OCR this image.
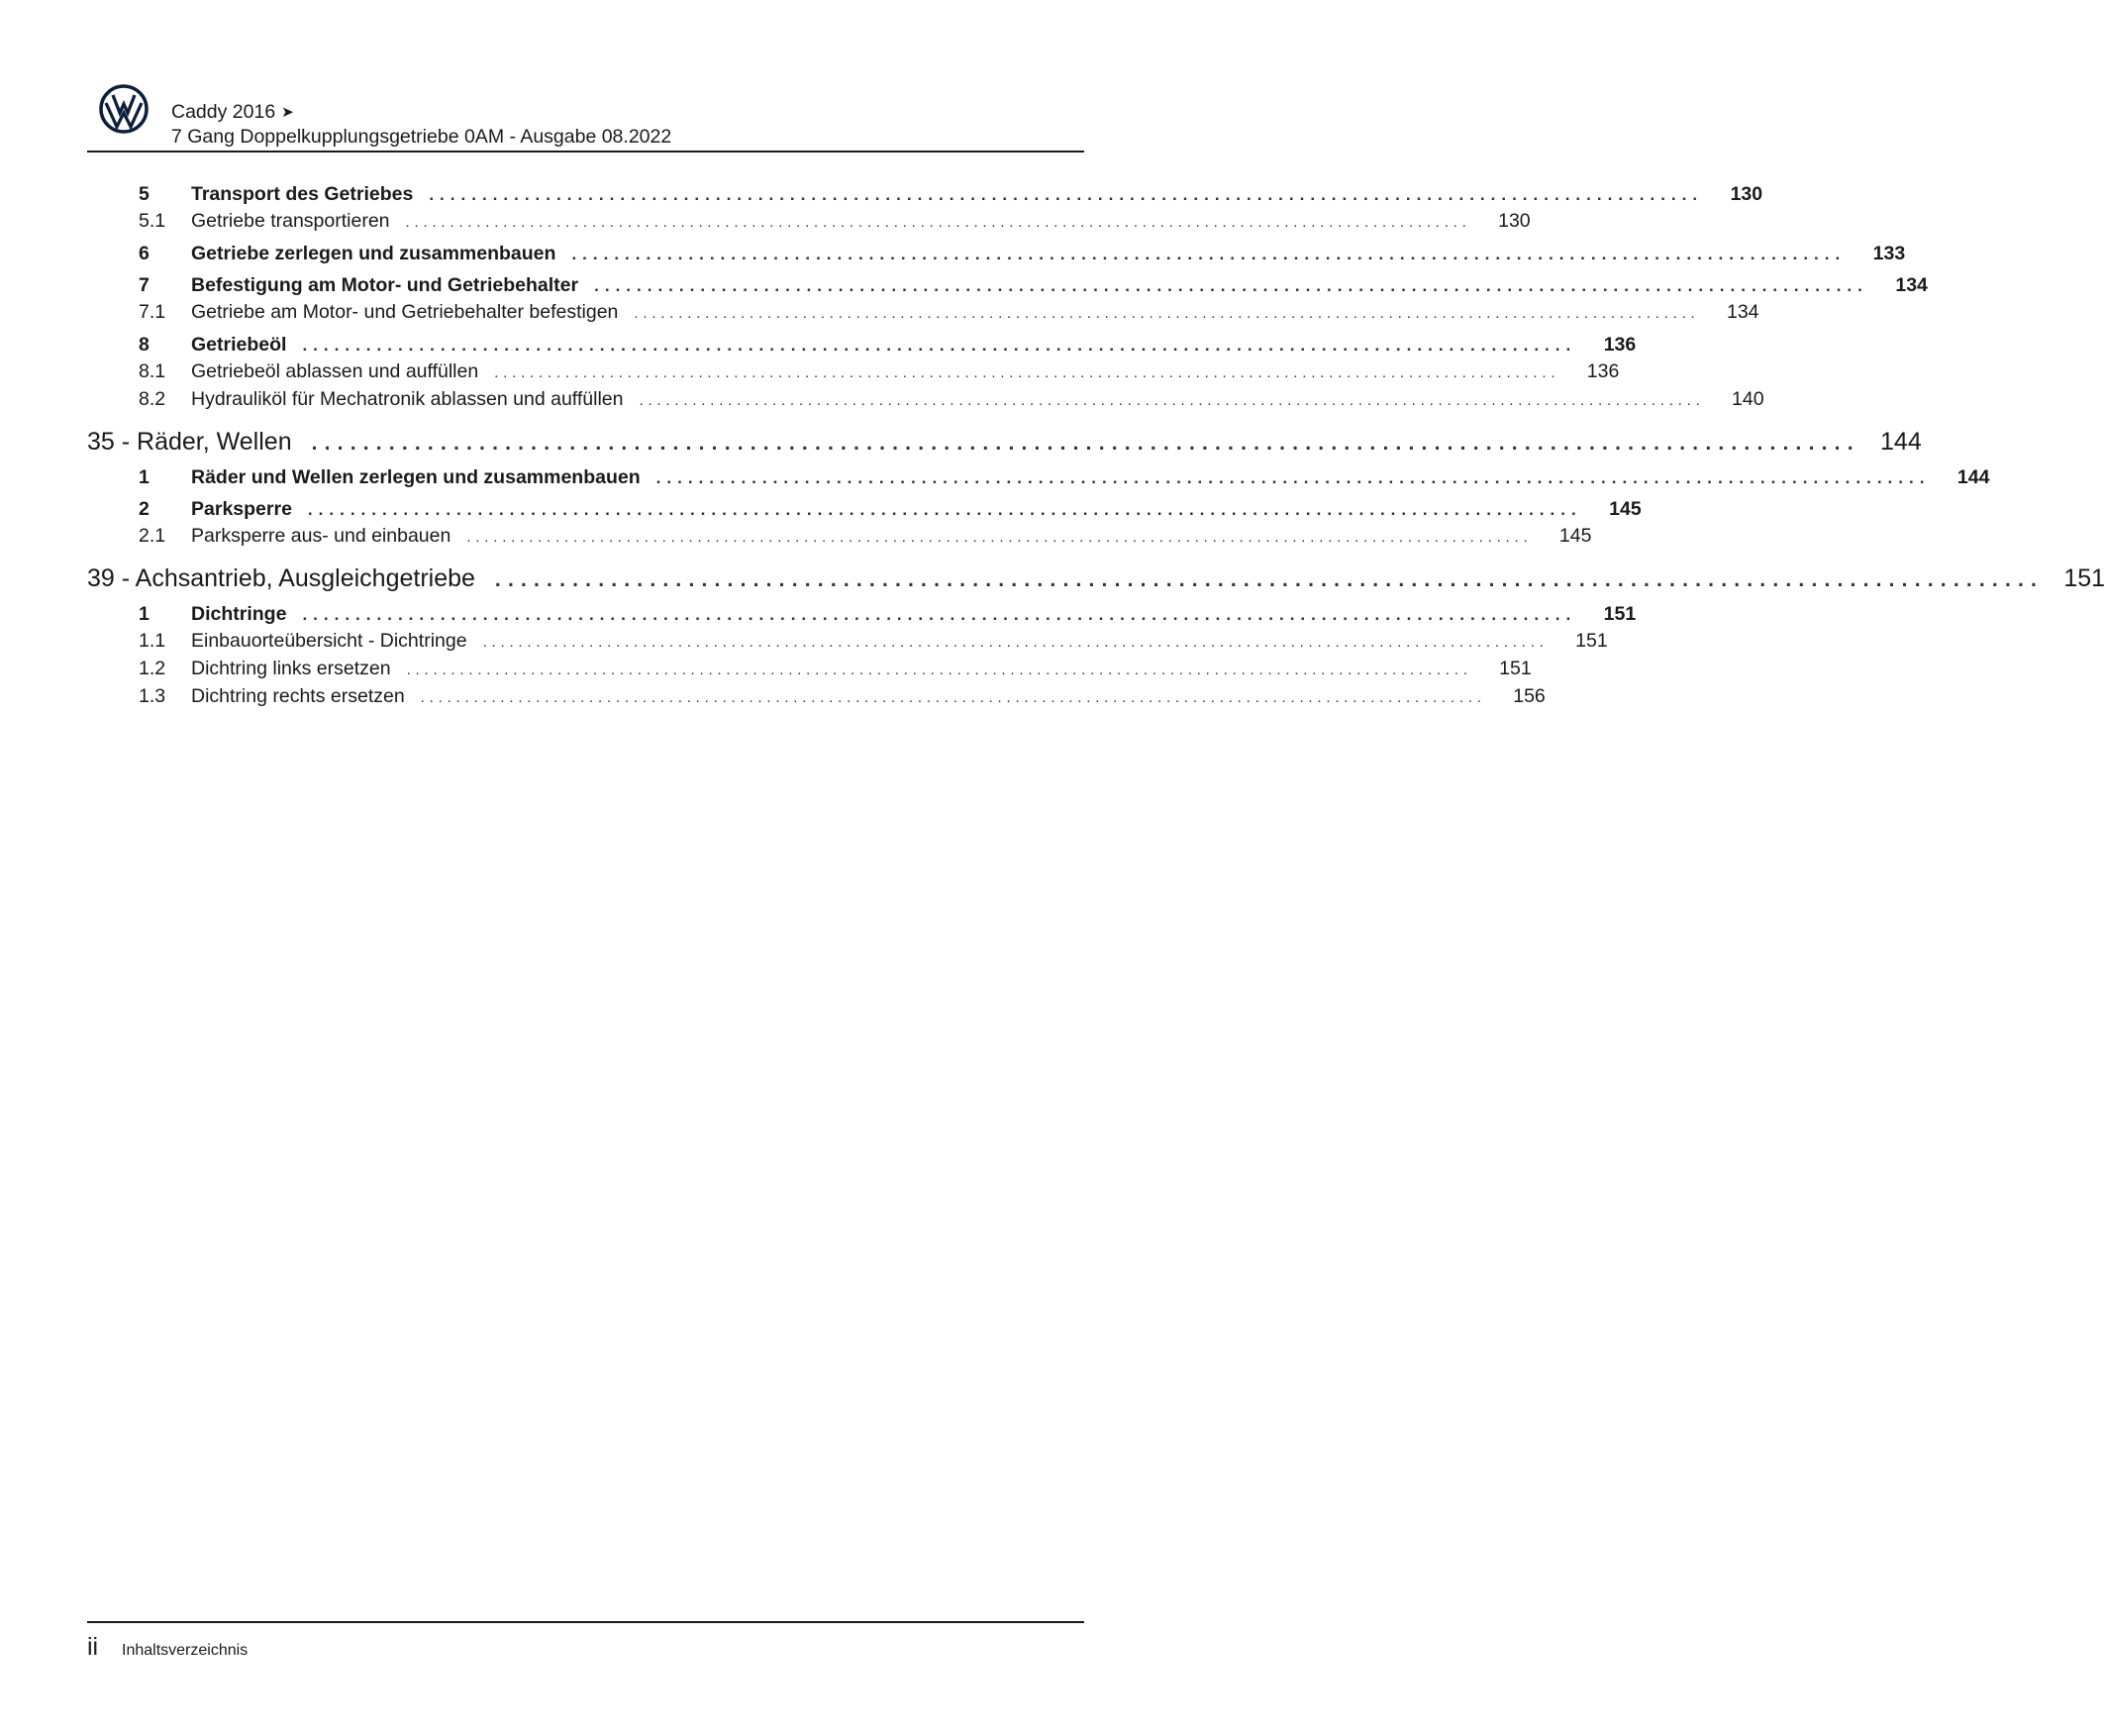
Caddy 2016 ➤
7 Gang Doppelkupplungsgetriebe 0AM - Ausgabe 08.2022
5	Transport des Getriebes ........................................................................................................................	130
5.1	Getriebe transportieren ........................................................................................................................	130
6	Getriebe zerlegen und zusammenbauen ........................................................................................................................	133
7	Befestigung am Motor- und Getriebehalter ........................................................................................................................	134
7.1	Getriebe am Motor- und Getriebehalter befestigen ........................................................................................................................	134
8	Getriebeöl ........................................................................................................................	136
8.1	Getriebeöl ablassen und auffüllen ........................................................................................................................	136
8.2	Hydrauliköl für Mechatronik ablassen und auffüllen ........................................................................................................................	140
35 - Räder, Wellen ........................................................................................................................ 144
1	Räder und Wellen zerlegen und zusammenbauen ........................................................................................................................	144
2	Parksperre ........................................................................................................................	145
2.1	Parksperre aus- und einbauen ........................................................................................................................	145
39 - Achsantrieb, Ausgleichgetriebe ........................................................................................................................ 151
1	Dichtringe ........................................................................................................................	151
1.1	Einbauorteübersicht - Dichtringe ........................................................................................................................	151
1.2	Dichtring links ersetzen ........................................................................................................................	151
1.3	Dichtring rechts ersetzen ........................................................................................................................	156
ii Inhaltsverzeichnis
